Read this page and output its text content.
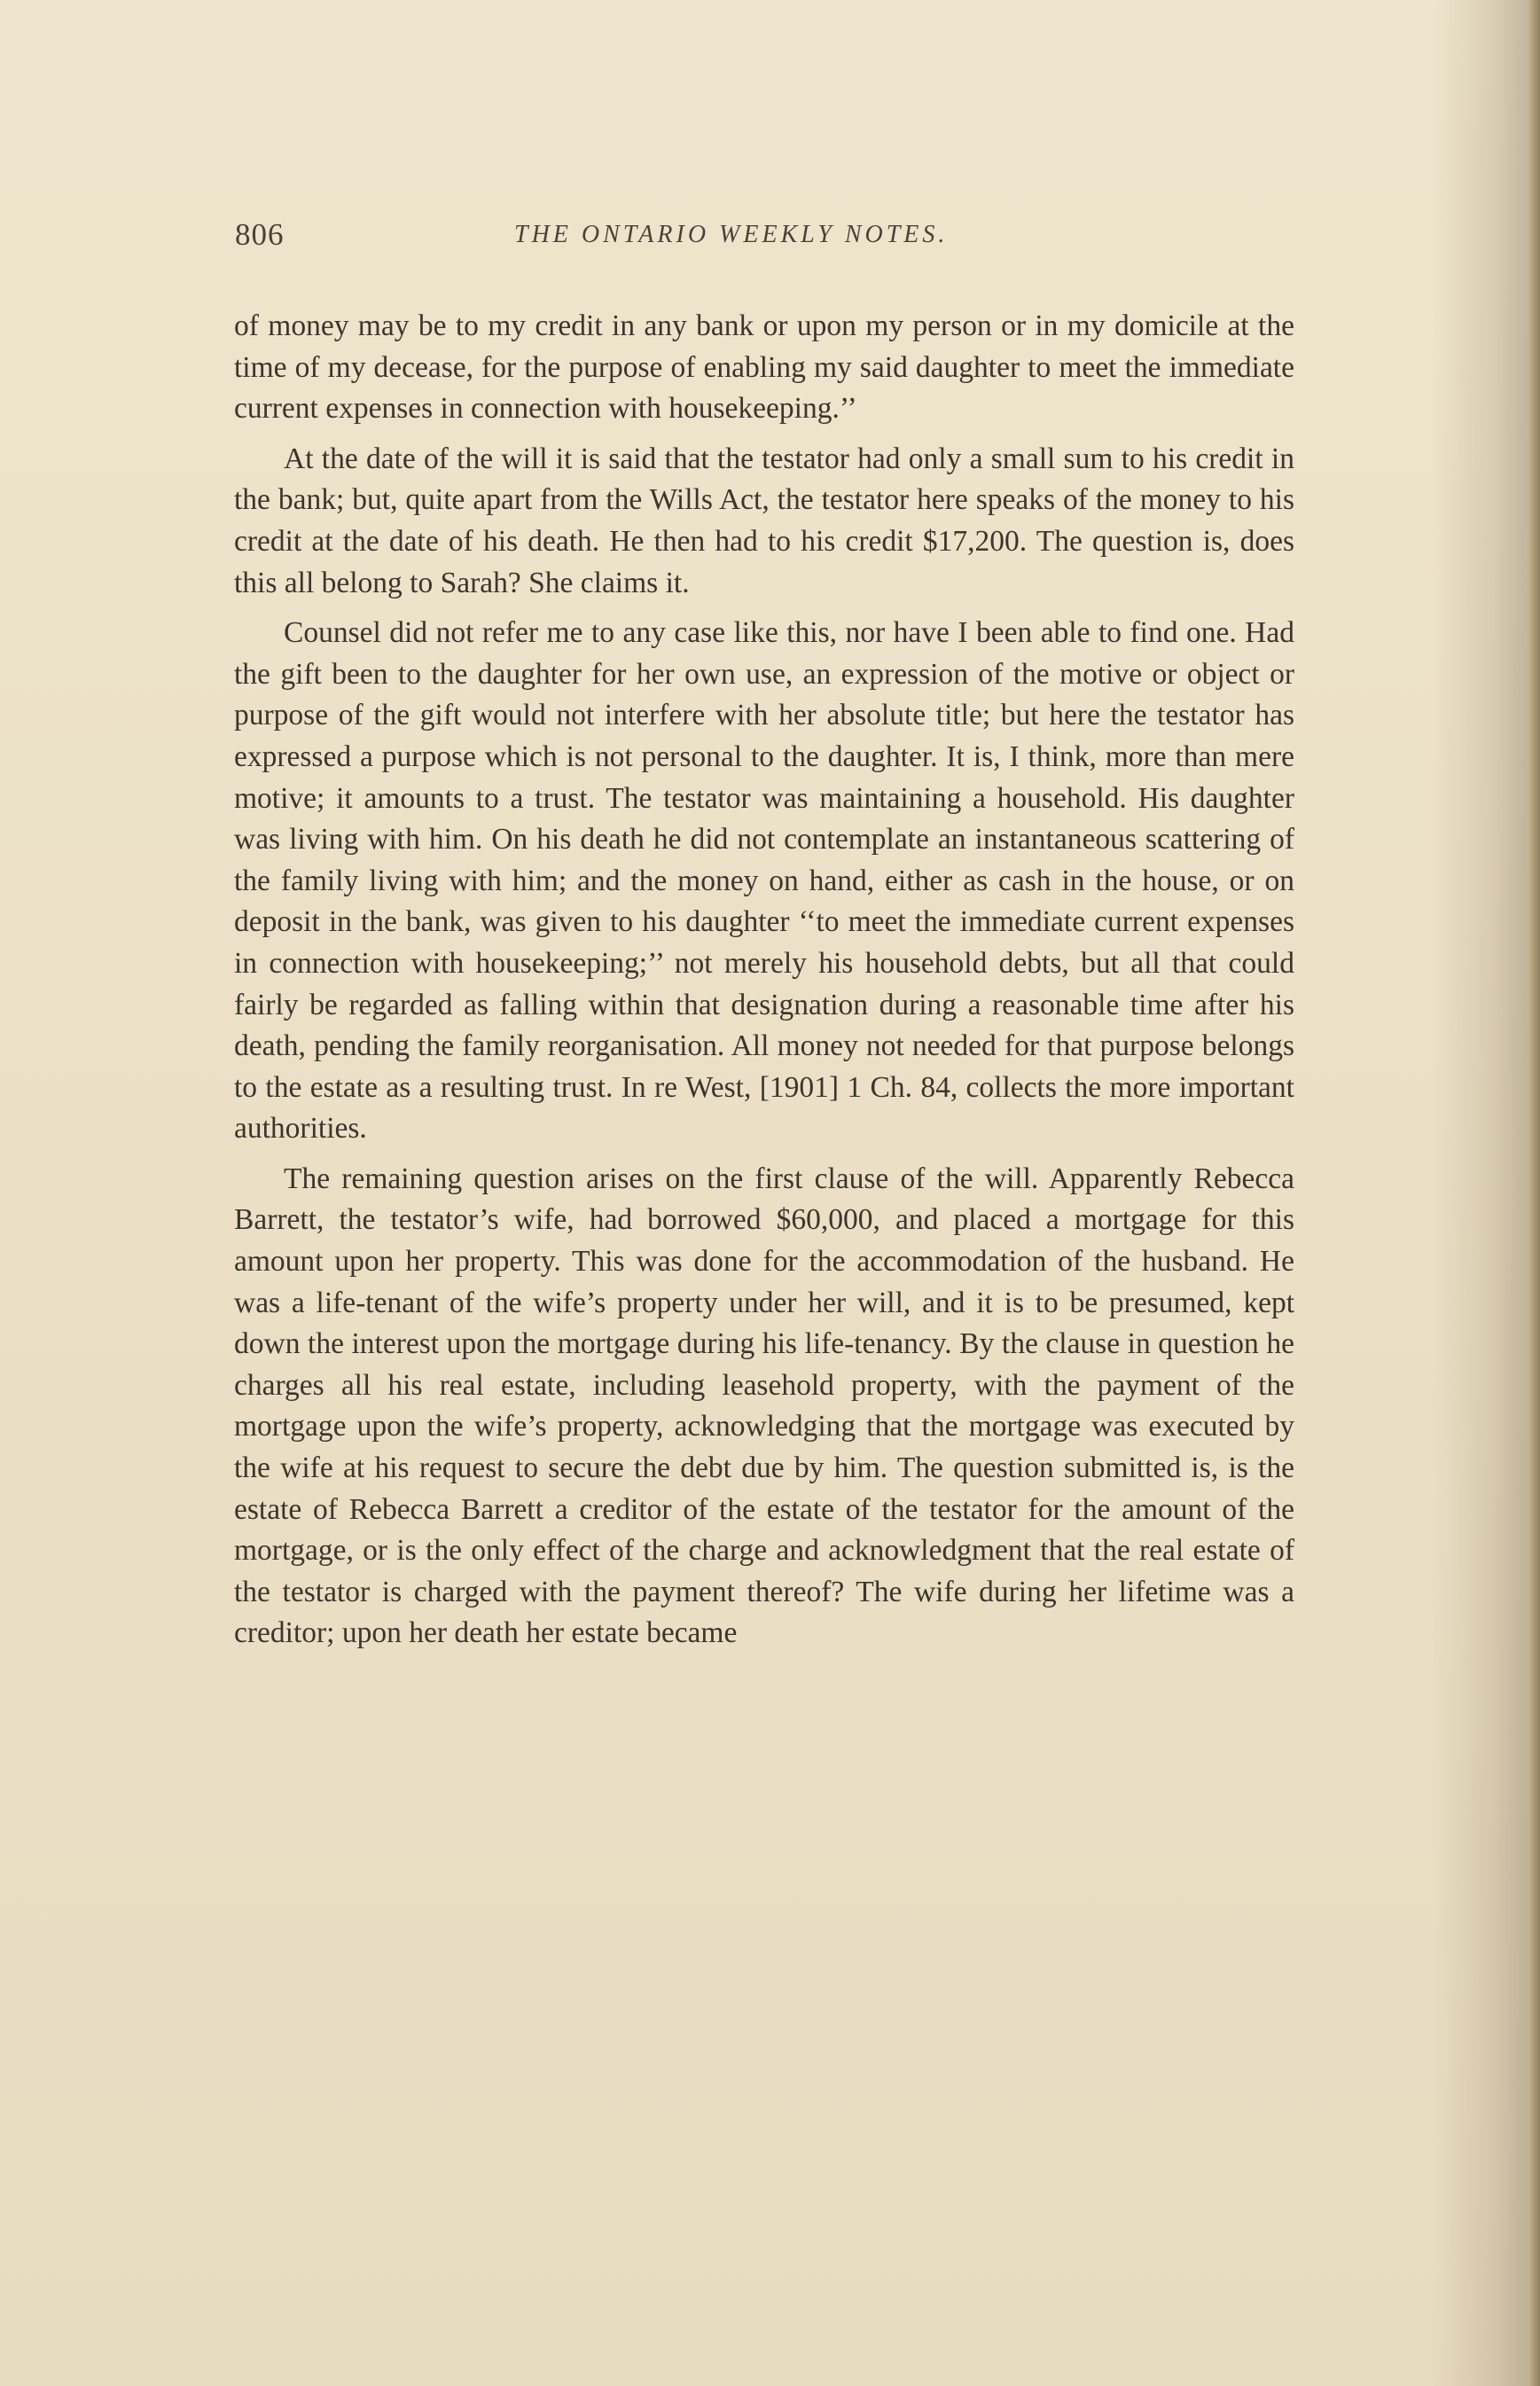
806	THE ONTARIO WEEKLY NOTES.

of money may be to my credit in any bank or upon my person or in my domicile at the time of my decease, for the purpose of enabling my said daughter to meet the immediate current expenses in connection with housekeeping.’’

At the date of the will it is said that the testator had only a small sum to his credit in the bank; but, quite apart from the Wills Act, the testator here speaks of the money to his credit at the date of his death. He then had to his credit $17,200. The question is, does this all belong to Sarah? She claims it.

Counsel did not refer me to any case like this, nor have I been able to find one. Had the gift been to the daughter for her own use, an expression of the motive or object or purpose of the gift would not interfere with her absolute title; but here the testator has expressed a purpose which is not personal to the daughter. It is, I think, more than mere motive; it amounts to a trust. The testator was maintaining a household. His daughter was living with him. On his death he did not contemplate an instantaneous scattering of the family living with him; and the money on hand, either as cash in the house, or on deposit in the bank, was given to his daughter ‘‘to meet the immediate current expenses in connection with housekeeping;’’ not merely his household debts, but all that could fairly be regarded as falling within that designation during a reasonable time after his death, pending the family reorganisation. All money not needed for that purpose belongs to the estate as a resulting trust. In re West, [1901] 1 Ch. 84, collects the more important authorities.

The remaining question arises on the first clause of the will. Apparently Rebecca Barrett, the testator’s wife, had borrowed $60,000, and placed a mortgage for this amount upon her property. This was done for the accommodation of the husband. He was a life-tenant of the wife’s property under her will, and it is to be presumed, kept down the interest upon the mortgage during his life-tenancy. By the clause in question he charges all his real estate, including leasehold property, with the payment of the mortgage upon the wife’s property, acknowledging that the mortgage was executed by the wife at his request to secure the debt due by him. The question submitted is, is the estate of Rebecca Barrett a creditor of the estate of the testator for the amount of the mortgage, or is the only effect of the charge and acknowledgment that the real estate of the testator is charged with the payment thereof? The wife during her lifetime was a creditor; upon her death her estate became
